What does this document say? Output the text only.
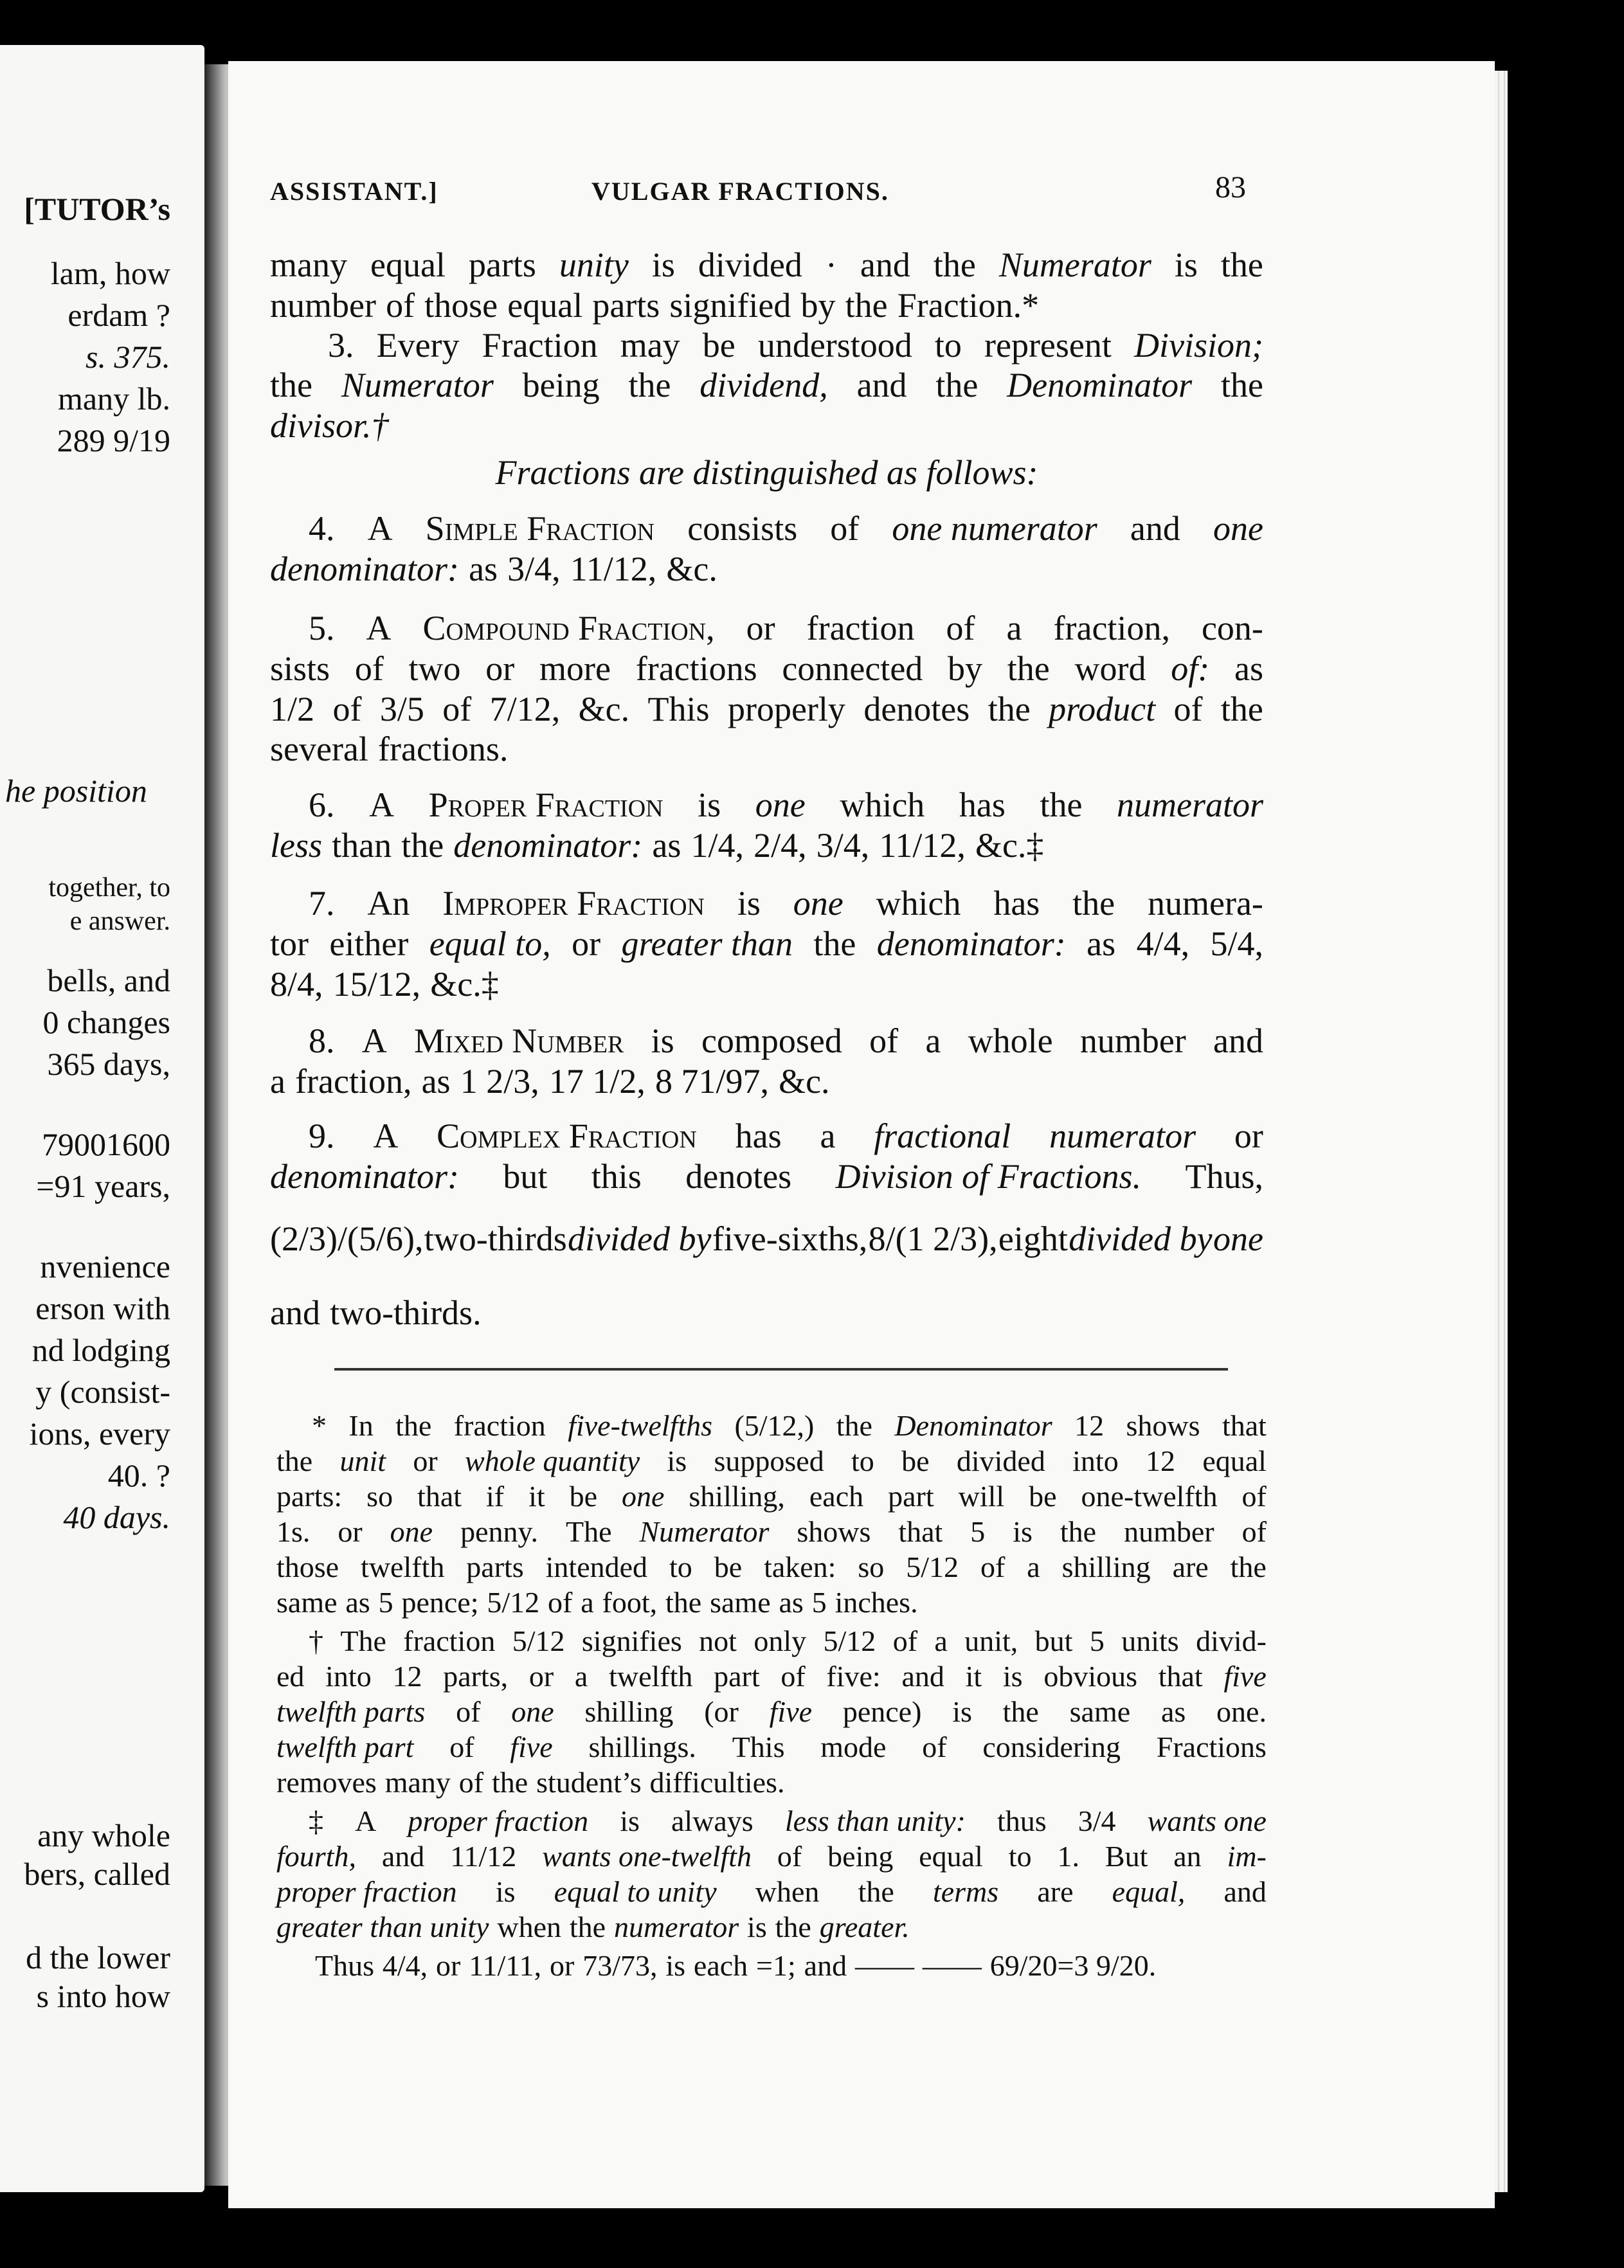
[TUTOR’s
lam, how
erdam ?
s. 375.
many lb.
289 9/19
he position
together, to
e answer.
bells, and
0 changes
365 days,
79001600
=91 years,
nvenience
erson with
nd lodging
y (consist-
ions, every
40. ?
40 days.
any whole
bers, called
d the lower
s into how
ASSISTANT.]	VULGAR FRACTIONS.	83
many equal parts unity is divided · and the Numerator is the
number of those equal parts signified by the Fraction.*
3. Every Fraction may be understood to represent Division;
the Numerator being the dividend, and the Denominator the
divisor.†
Fractions are distinguished as follows:
4. A Simple Fraction consists of one numerator and one
denominator: as 3/4, 11/12, &c.
5. A Compound Fraction, or fraction of a fraction, con-
sists of two or more fractions connected by the word of: as
1/2 of 3/5 of 7/12, &c. This properly denotes the product of the
several fractions.
6. A Proper Fraction is one which has the numerator
less than the denominator: as 1/4, 2/4, 3/4, 11/12, &c.‡
7. An Improper Fraction is one which has the numera-
tor either equal to, or greater than the denominator: as 4/4, 5/4,
8/4, 15/12, &c.‡
8. A Mixed Number is composed of a whole number and
a fraction, as 1 2/3, 17 1/2, 8 71/97, &c.
9. A Complex Fraction has a fractional numerator or
denominator: but this denotes Division of Fractions. Thus,
(2/3)/(5/6), two-thirds divided by five-sixths, 8/(1 2/3), eight divided by one
and two-thirds.
* In the fraction five-twelfths (5/12,) the Denominator 12 shows that
the unit or whole quantity is supposed to be divided into 12 equal
parts: so that if it be one shilling, each part will be one-twelfth of
1s. or one penny. The Numerator shows that 5 is the number of
those twelfth parts intended to be taken: so 5/12 of a shilling are the
same as 5 pence; 5/12 of a foot, the same as 5 inches.
† The fraction 5/12 signifies not only 5/12 of a unit, but 5 units divid-
ed into 12 parts, or a twelfth part of five: and it is obvious that five
twelfth parts of one shilling (or five pence) is the same as one.
twelfth part of five shillings. This mode of considering Fractions
removes many of the student’s difficulties.
‡ A proper fraction is always less than unity: thus 3/4 wants one
fourth, and 11/12 wants one-twelfth of being equal to 1. But an im-
proper fraction is equal to unity when the terms are equal, and
greater than unity when the numerator is the greater.
Thus 4/4, or 11/11, or 73/73, is each =1; and —— —— 69/20=3 9/20.
